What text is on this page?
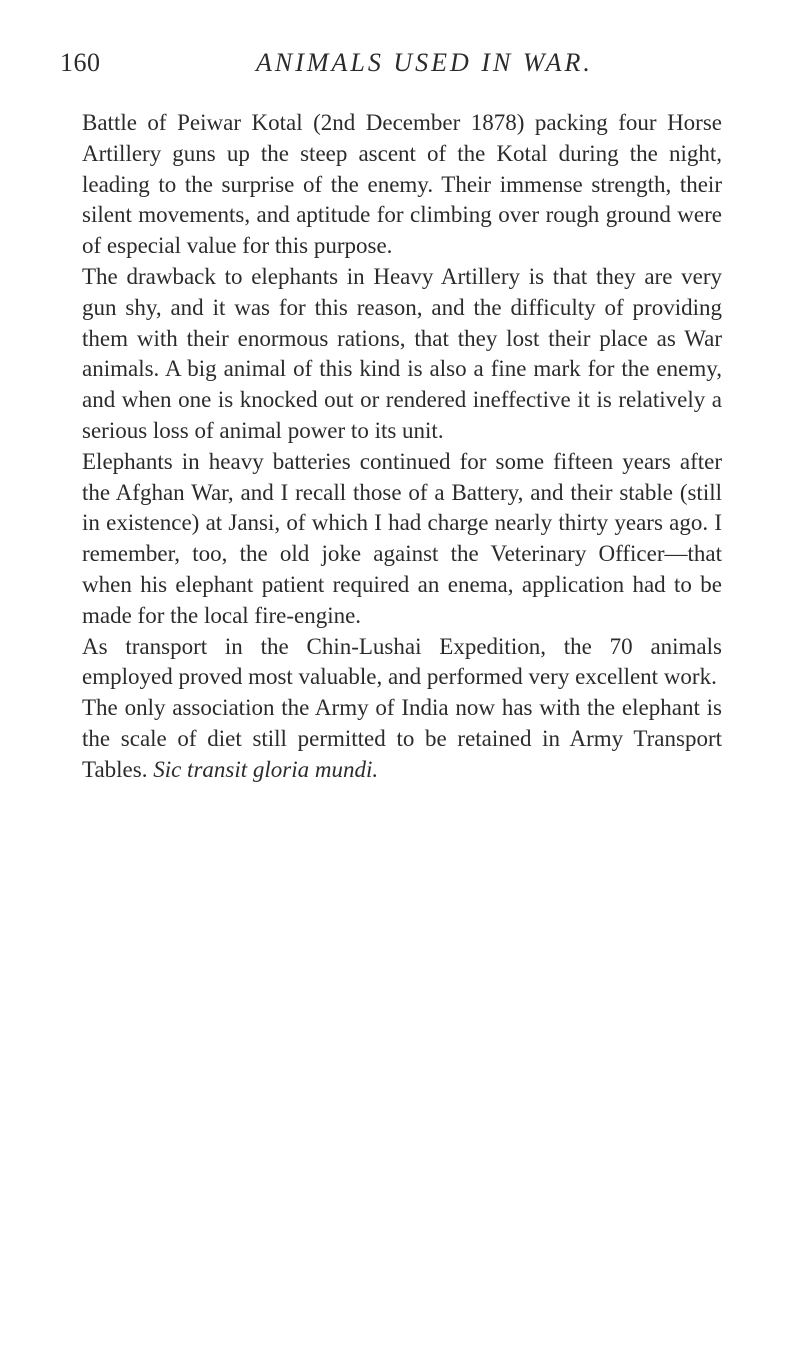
160	ANIMALS USED IN WAR.

Battle of Peiwar Kotal (2nd December 1878) packing four Horse Artillery guns up the steep ascent of the Kotal during the night, leading to the surprise of the enemy. Their immense strength, their silent movements, and aptitude for climbing over rough ground were of especial value for this purpose.

The drawback to elephants in Heavy Artillery is that they are very gun shy, and it was for this reason, and the difficulty of providing them with their enormous rations, that they lost their place as War animals. A big animal of this kind is also a fine mark for the enemy, and when one is knocked out or rendered ineffective it is relatively a serious loss of animal power to its unit.

Elephants in heavy batteries continued for some fifteen years after the Afghan War, and I recall those of a Battery, and their stable (still in existence) at Jansi, of which I had charge nearly thirty years ago. I remember, too, the old joke against the Veterinary Officer—that when his elephant patient required an enema, application had to be made for the local fire-engine.

As transport in the Chin-Lushai Expedition, the 70 animals employed proved most valuable, and performed very excellent work.

The only association the Army of India now has with the elephant is the scale of diet still permitted to be retained in Army Transport Tables. Sic transit gloria mundi.
